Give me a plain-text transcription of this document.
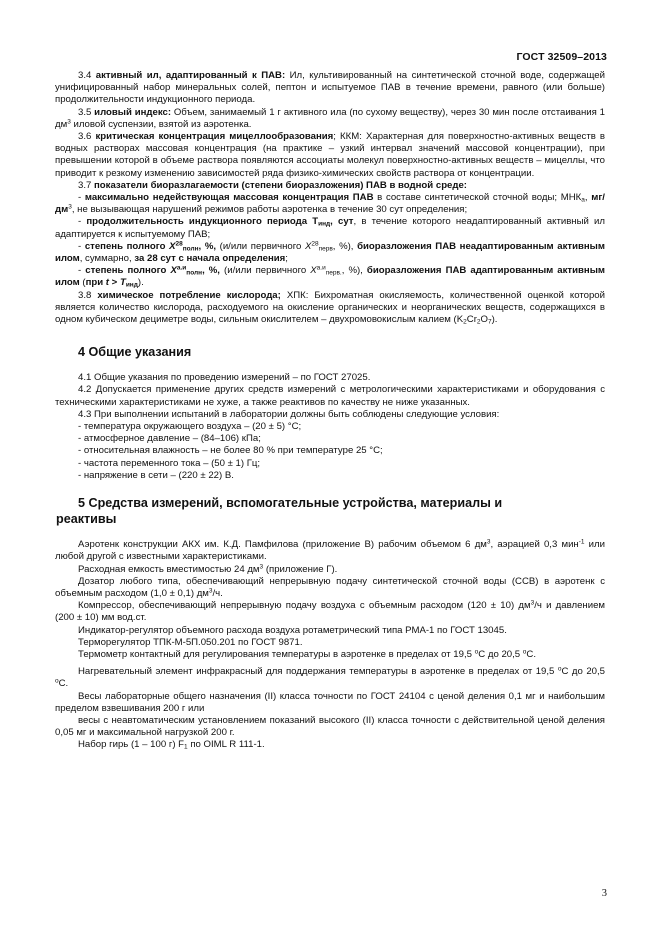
ГОСТ 32509–2013

3.4 активный ил, адаптированный к ПАВ: Ил, культивированный на синтетической сточной воде, содержащей унифицированный набор минеральных солей, пептон и испытуемое ПАВ в течение времени, равного (или больше) продолжительности индукционного периода.

3.5 иловый индекс: Объем, занимаемый 1 г активного ила (по сухому веществу), через 30 мин после отстаивания 1 $дм^3$ иловой суспензии, взятой из аэротенка.

3.6 критическая концентрация мицеллообразования; ККМ: Характерная для поверхностно-активных веществ в водных растворах массовая концентрация (на практике – узкий интервал значений массовой концентрации), при превышении которой в объеме раствора появляются ассоциаты молекул поверхностно-активных веществ – мицеллы, что приводит к резкому изменению зависимостей ряда физико-химических свойств раствора от концентрации.

3.7 показатели биоразлагаемости (степени биоразложения) ПАВ в водной среде:

- максимально недействующая массовая концентрация ПАВ в составе синтетической сточной воды; $МНК_а$, $мг/дм^3$, не вызывающая нарушений режимов работы аэротенка в течение 30 сут определения;

- продолжительность индукционного периода $T_{инд}$, сут, в течение которого неадаптированный активный ил адаптируется к испытуемому ПАВ;

- степень полного $X^{28}_{полн}$, %, (и/или первичного $X^{28}_{перв}$, %), биоразложения ПАВ неадаптированным активным илом, суммарно, за 28 сут с начала определения;

- степень полного $X^{а.и}_{полн}$, %, (и/или первичного $X^{а.и}_{перв.}$, %), биоразложения ПАВ адаптированным активным илом (при $t > T_{инд}$).

3.8 химическое потребление кислорода; ХПК: Бихроматная окисляемость, количественной оценкой которой является количество кислорода, расходуемого на окисление органических и неорганических веществ, содержащихся в одном кубическом дециметре воды, сильным окислителем – двухромовокислым калием $(K_2Cr_2O_7)$.

4 Общие указания

4.1 Общие указания по проведению измерений – по ГОСТ 27025.

4.2 Допускается применение других средств измерений с метрологическими характеристиками и оборудования с техническими характеристиками не хуже, а также реактивов по качеству не ниже указанных.

4.3 При выполнении испытаний в лаборатории должны быть соблюдены следующие условия:

- температура окружающего воздуха – (20 ± 5) °С;

- атмосферное давление – (84–106) кПа;

- относительная влажность – не более 80 % при температуре 25 °С;

- частота переменного тока – (50 ± 1) Гц;

- напряжение в сети – (220 ± 22) В.

5 Средства измерений, вспомогательные устройства, материалы и
реактивы

Аэротенк конструкции АКХ им. К.Д. Памфилова (приложение В) рабочим объемом 6 $дм^3$, аэрацией 0,3 мин$^{-1}$ или любой другой с известными характеристиками.

Расходная емкость вместимостью 24 $дм^3$ (приложение Г).

Дозатор любого типа, обеспечивающий непрерывную подачу синтетической сточной воды (ССВ) в аэротенк с объемным расходом (1,0 ± 0,1) $дм^3/ч$.

Компрессор, обеспечивающий непрерывную подачу воздуха с объемным расходом (120 ± 10) $дм^3/ч$ и давлением (200 ± 10) мм вод.ст.

Индикатор-регулятор объемного расхода воздуха ротаметрический типа РМА-1 по ГОСТ 13045.

Терморегулятор ТПК-М-5П.050.201 по ГОСТ 9871.

Термометр контактный для регулирования температуры в аэротенке в пределах от 19,5 $^о$С до 20,5 $^о$С.

Нагревательный элемент инфракрасный для поддержания температуры в аэротенке в пределах от 19,5 $^о$С до 20,5 $^о$С.

Весы лабораторные общего назначения (II) класса точности по ГОСТ 24104 с ценой деления 0,1 мг и наибольшим пределом взвешивания 200 г или

весы с неавтоматическим установлением показаний высокого (II) класса точности с действительной ценой деления 0,05 мг и максимальной нагрузкой 200 г.

Набор гирь (1 – 100 г) $F_1$ по OIML R 111-1.

3
